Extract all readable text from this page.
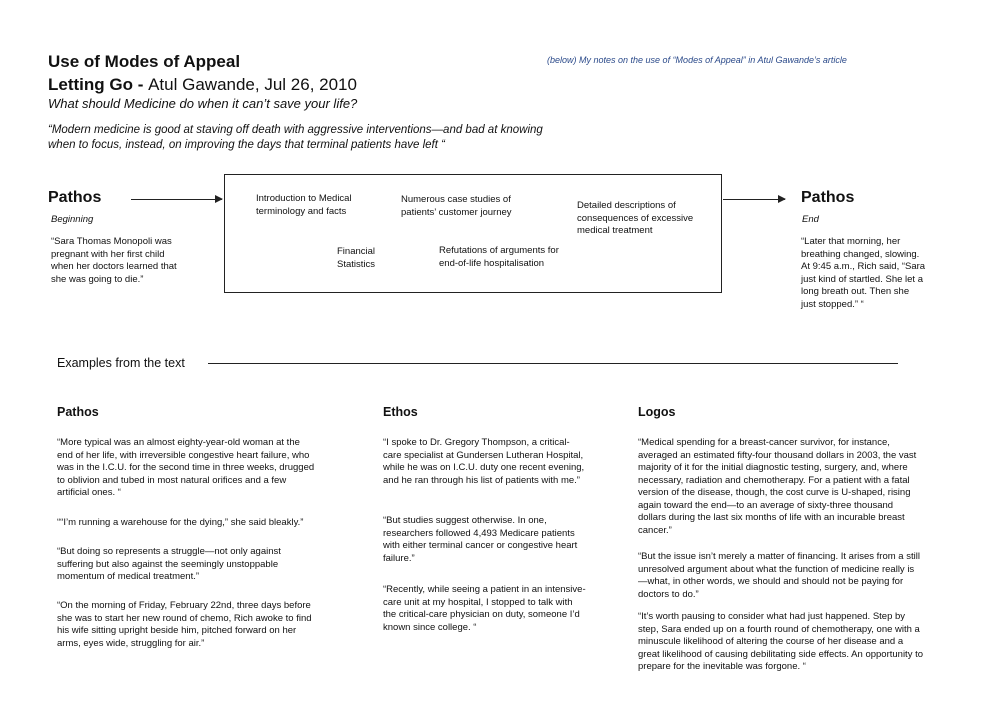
Use of Modes of Appeal
Letting Go - Atul Gawande, Jul 26, 2010
What should Medicine do when it can’t save your life?
“Modern medicine is good at staving off death with aggressive interventions—and bad at knowing when to focus, instead, on improving the days that terminal patients have left “
(below) My notes on the use of “Modes of Appeal” in Atul Gawande’s article
Pathos
Beginning
“Sara Thomas Monopoli was pregnant with her first child when her doctors learned that she was going to die.”
Introduction to Medical terminology and facts
Financial Statistics
Numerous case studies of patients’ customer journey
Refutations of arguments for end-of-life hospitalisation
Detailed descriptions of consequences of excessive medical treatment
Pathos
End
“Later that morning, her breathing changed, slowing. At 9:45 a.m., Rich said, “Sara just kind of startled. She let a long breath out. Then she just stopped.” “
Examples from the text
Pathos
“More typical was an almost eighty-year-old woman at the end of her life, with irreversible congestive heart failure, who was in the I.C.U. for the second time in three weeks, drugged to oblivion and tubed in most natural orifices and a few artificial ones. “
““I’m running a warehouse for the dying,” she said bleakly.”
“But doing so represents a struggle—not only against suffering but also against the seemingly unstoppable momentum of medical treatment.”
“On the morning of Friday, February 22nd, three days before she was to start her new round of chemo, Rich awoke to find his wife sitting upright beside him, pitched forward on her arms, eyes wide, struggling for air.”
Ethos
“I spoke to Dr. Gregory Thompson, a critical-care specialist at Gundersen Lutheran Hospital, while he was on I.C.U. duty one recent evening, and he ran through his list of patients with me.”
“But studies suggest otherwise. In one, researchers followed 4,493 Medicare patients with either terminal cancer or congestive heart failure.”
“Recently, while seeing a patient in an intensive-care unit at my hospital, I stopped to talk with the critical-care physician on duty, someone I’d known since college. “
Logos
“Medical spending for a breast-cancer survivor, for instance, averaged an estimated fifty-four thousand dollars in 2003, the vast majority of it for the initial diagnostic testing, surgery, and, where necessary, radiation and chemotherapy. For a patient with a fatal version of the disease, though, the cost curve is U-shaped, rising again toward the end—to an average of sixty-three thousand dollars during the last six months of life with an incurable breast cancer.”
“But the issue isn’t merely a matter of financing. It arises from a still unresolved argument about what the function of medicine really is—what, in other words, we should and should not be paying for doctors to do.”
“It’s worth pausing to consider what had just happened. Step by step, Sara ended up on a fourth round of chemotherapy, one with a minuscule likelihood of altering the course of her disease and a great likelihood of causing debilitating side effects. An opportunity to prepare for the inevitable was forgone. “
